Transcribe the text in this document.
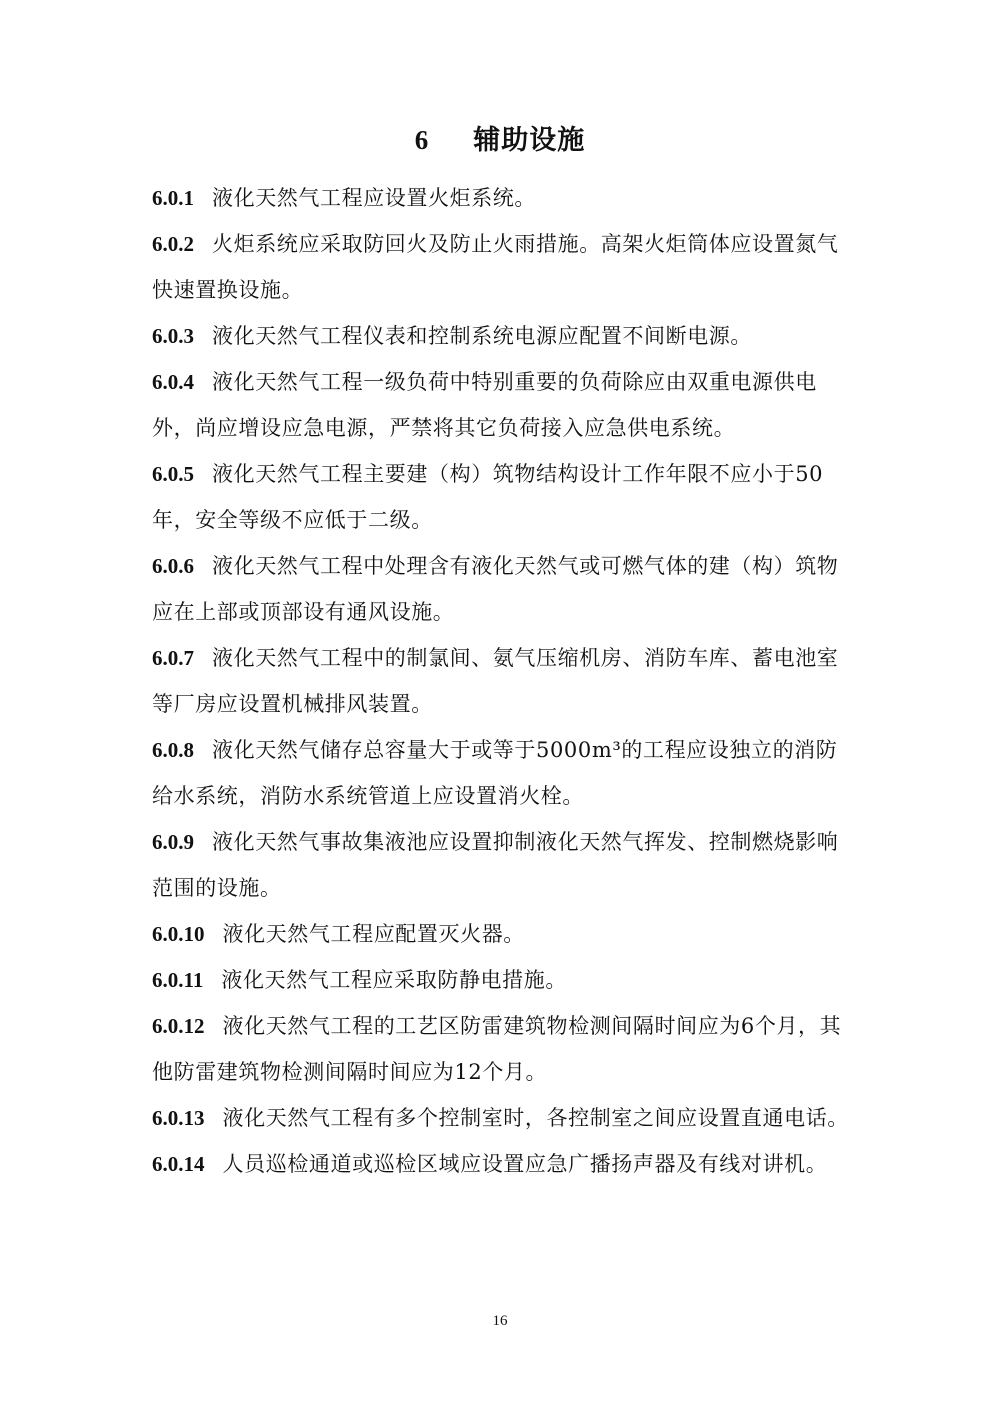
6 辅助设施

6.0.1 液化天然气工程应设置火炬系统。

6.0.2 火炬系统应采取防回火及防止火雨措施。高架火炬筒体应设置氮气快速置换设施。

6.0.3 液化天然气工程仪表和控制系统电源应配置不间断电源。

6.0.4 液化天然气工程一级负荷中特别重要的负荷除应由双重电源供电外，尚应增设应急电源，严禁将其它负荷接入应急供电系统。

6.0.5 液化天然气工程主要建（构）筑物结构设计工作年限不应小于50年，安全等级不应低于二级。

6.0.6 液化天然气工程中处理含有液化天然气或可燃气体的建（构）筑物应在上部或顶部设有通风设施。

6.0.7 液化天然气工程中的制氯间、氨气压缩机房、消防车库、蓄电池室等厂房应设置机械排风装置。

6.0.8 液化天然气储存总容量大于或等于5000m³的工程应设独立的消防给水系统，消防水系统管道上应设置消火栓。

6.0.9 液化天然气事故集液池应设置抑制液化天然气挥发、控制燃烧影响范围的设施。

6.0.10 液化天然气工程应配置灭火器。

6.0.11 液化天然气工程应采取防静电措施。

6.0.12 液化天然气工程的工艺区防雷建筑物检测间隔时间应为6个月，其他防雷建筑物检测间隔时间应为12个月。

6.0.13 液化天然气工程有多个控制室时，各控制室之间应设置直通电话。

6.0.14 人员巡检通道或巡检区域应设置应急广播扬声器及有线对讲机。

16
